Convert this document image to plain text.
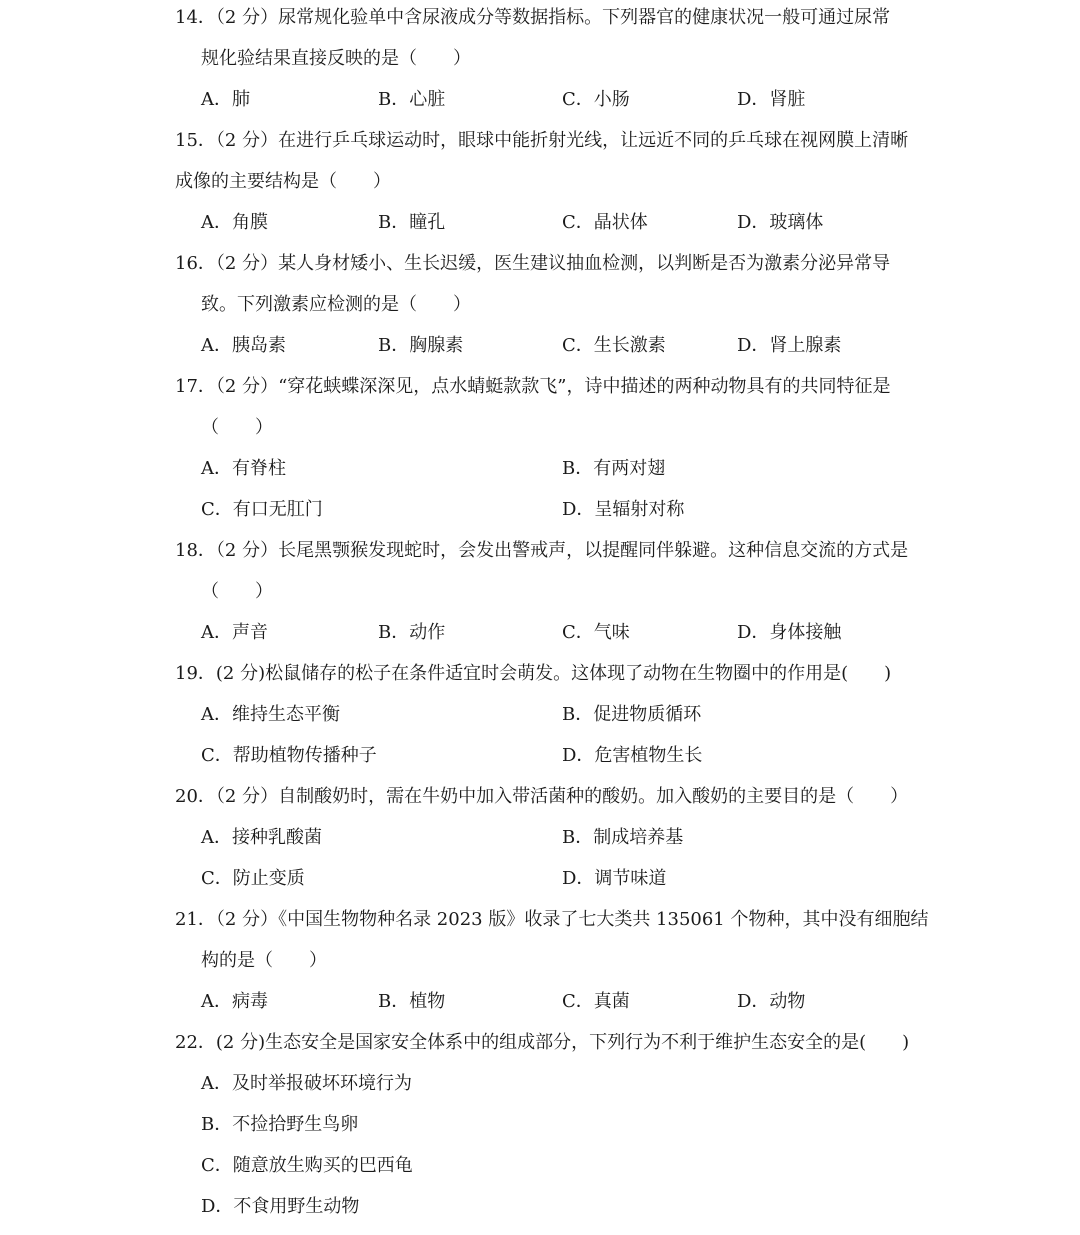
14．（2 分）尿常规化验单中含尿液成分等数据指标。下列器官的健康状况一般可通过尿常
规化验结果直接反映的是（　　）
A．肺	B．心脏	C．小肠	D．肾脏
15．（2 分）在进行乒乓球运动时，眼球中能折射光线，让远近不同的乒乓球在视网膜上清晰
成像的主要结构是（　　）
A．角膜	B．瞳孔	C．晶状体	D．玻璃体
16．（2 分）某人身材矮小、生长迟缓，医生建议抽血检测，以判断是否为激素分泌异常导
致。下列激素应检测的是（　　）
A．胰岛素	B．胸腺素	C．生长激素	D．肾上腺素
17．（2 分）“穿花蛱蝶深深见，点水蜻蜓款款飞”，诗中描述的两种动物具有的共同特征是
（　　）
A．有脊柱	B．有两对翅
C．有口无肛门	D．呈辐射对称
18．（2 分）长尾黑颚猴发现蛇时，会发出警戒声，以提醒同伴躲避。这种信息交流的方式是
（　　）
A．声音	B．动作	C．气味	D．身体接触
19．(2 分)松鼠储存的松子在条件适宜时会萌发。这体现了动物在生物圈中的作用是(　　)
A．维持生态平衡	B．促进物质循环
C．帮助植物传播种子	D．危害植物生长
20．（2 分）自制酸奶时，需在牛奶中加入带活菌种的酸奶。加入酸奶的主要目的是（　　）
A．接种乳酸菌	B．制成培养基
C．防止变质	D．调节味道
21．（2 分）《中国生物物种名录 2023 版》收录了七大类共 135061 个物种，其中没有细胞结
构的是（　　）
A．病毒	B．植物	C．真菌	D．动物
22．(2 分)生态安全是国家安全体系中的组成部分，下列行为不利于维护生态安全的是(　　)
A．及时举报破坏环境行为
B．不捡拾野生鸟卵
C．随意放生购买的巴西龟
D．不食用野生动物
